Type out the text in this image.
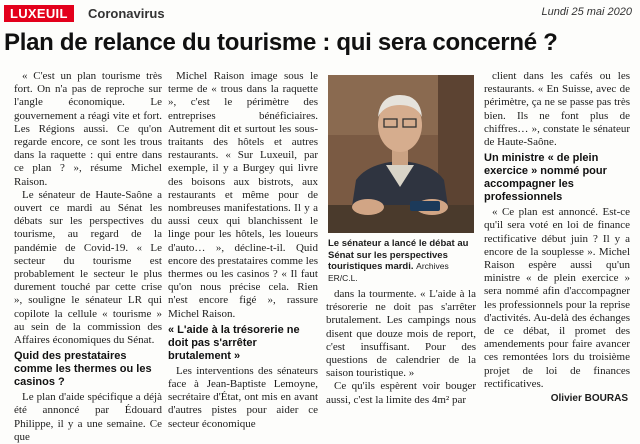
LUXEUIL	Coronavirus	Lundi 25 mai 2020
Plan de relance du tourisme : qui sera concerné ?

« C'est un plan tourisme très fort. On n'a pas de reproche sur l'angle économique. Le gouvernement a réagi vite et fort. Les Régions aussi. Ce qu'on regarde encore, ce sont les trous dans la raquette : qui entre dans ce plan ? », résume Michel Raison.

Le sénateur de Haute-Saône a ouvert ce mardi au Sénat les débats sur les perspectives du tourisme, au regard de la pandémie de Covid-19. « Le secteur du tourisme est probablement le secteur le plus durement touché par cette crise », souligne le sénateur LR qui copilote la cellule « tourisme » au sein de la commission des Affaires économiques du Sénat.

Quid des prestataires comme les thermes ou les casinos ?

Le plan d'aide spécifique a déjà été annoncé par Édouard Philippe, il y a une semaine. Ce que

Michel Raison image sous le terme de « trous dans la raquette », c'est le périmètre des entreprises bénéficiaires. Autrement dit et surtout les sous-traitants des hôtels et autres restaurants. « Sur Luxeuil, par exemple, il y a Burgey qui livre des boisons aux bistrots, aux restaurants et même pour de nombreuses manifestations. Il y a aussi ceux qui blanchissent le linge pour les hôtels, les loueurs d'auto… », décline-t-il. Quid encore des prestataires comme les thermes ou les casinos ? « Il faut qu'on nous précise cela. Rien n'est encore figé », rassure Michel Raison.

« L'aide à la trésorerie ne doit pas s'arrêter brutalement »

Les interventions des sénateurs face à Jean-Baptiste Lemoyne, secrétaire d'État, ont mis en avant d'autres pistes pour aider ce secteur économique

Le sénateur a lancé le débat au Sénat sur les perspectives touristiques mardi. Archives ER/C.L.

dans la tourmente. « L'aide à la trésorerie ne doit pas s'arrêter brutalement. Les campings nous disent que douze mois de report, c'est insuffisant. Pour des questions de calendrier de la saison touristique. »

Ce qu'ils espèrent voir bouger aussi, c'est la limite des 4m² par

client dans les cafés ou les restaurants. « En Suisse, avec de périmètre, ça ne se passe pas très bien. Ils ne font plus de chiffres… », constate le sénateur de Haute-Saône.

Un ministre « de plein exercice » nommé pour accompagner les professionnels

« Ce plan est annoncé. Est-ce qu'il sera voté en loi de finance rectificative début juin ? Il y a encore de la souplesse ». Michel Raison espère aussi qu'un ministre « de plein exercice » sera nommé afin d'accompagner les professionnels pour la reprise d'activités. Au-delà des échanges de ce débat, il promet des amendements pour faire avancer ces remontées lors du troisième projet de loi de finances rectificatives.

Olivier BOURAS
